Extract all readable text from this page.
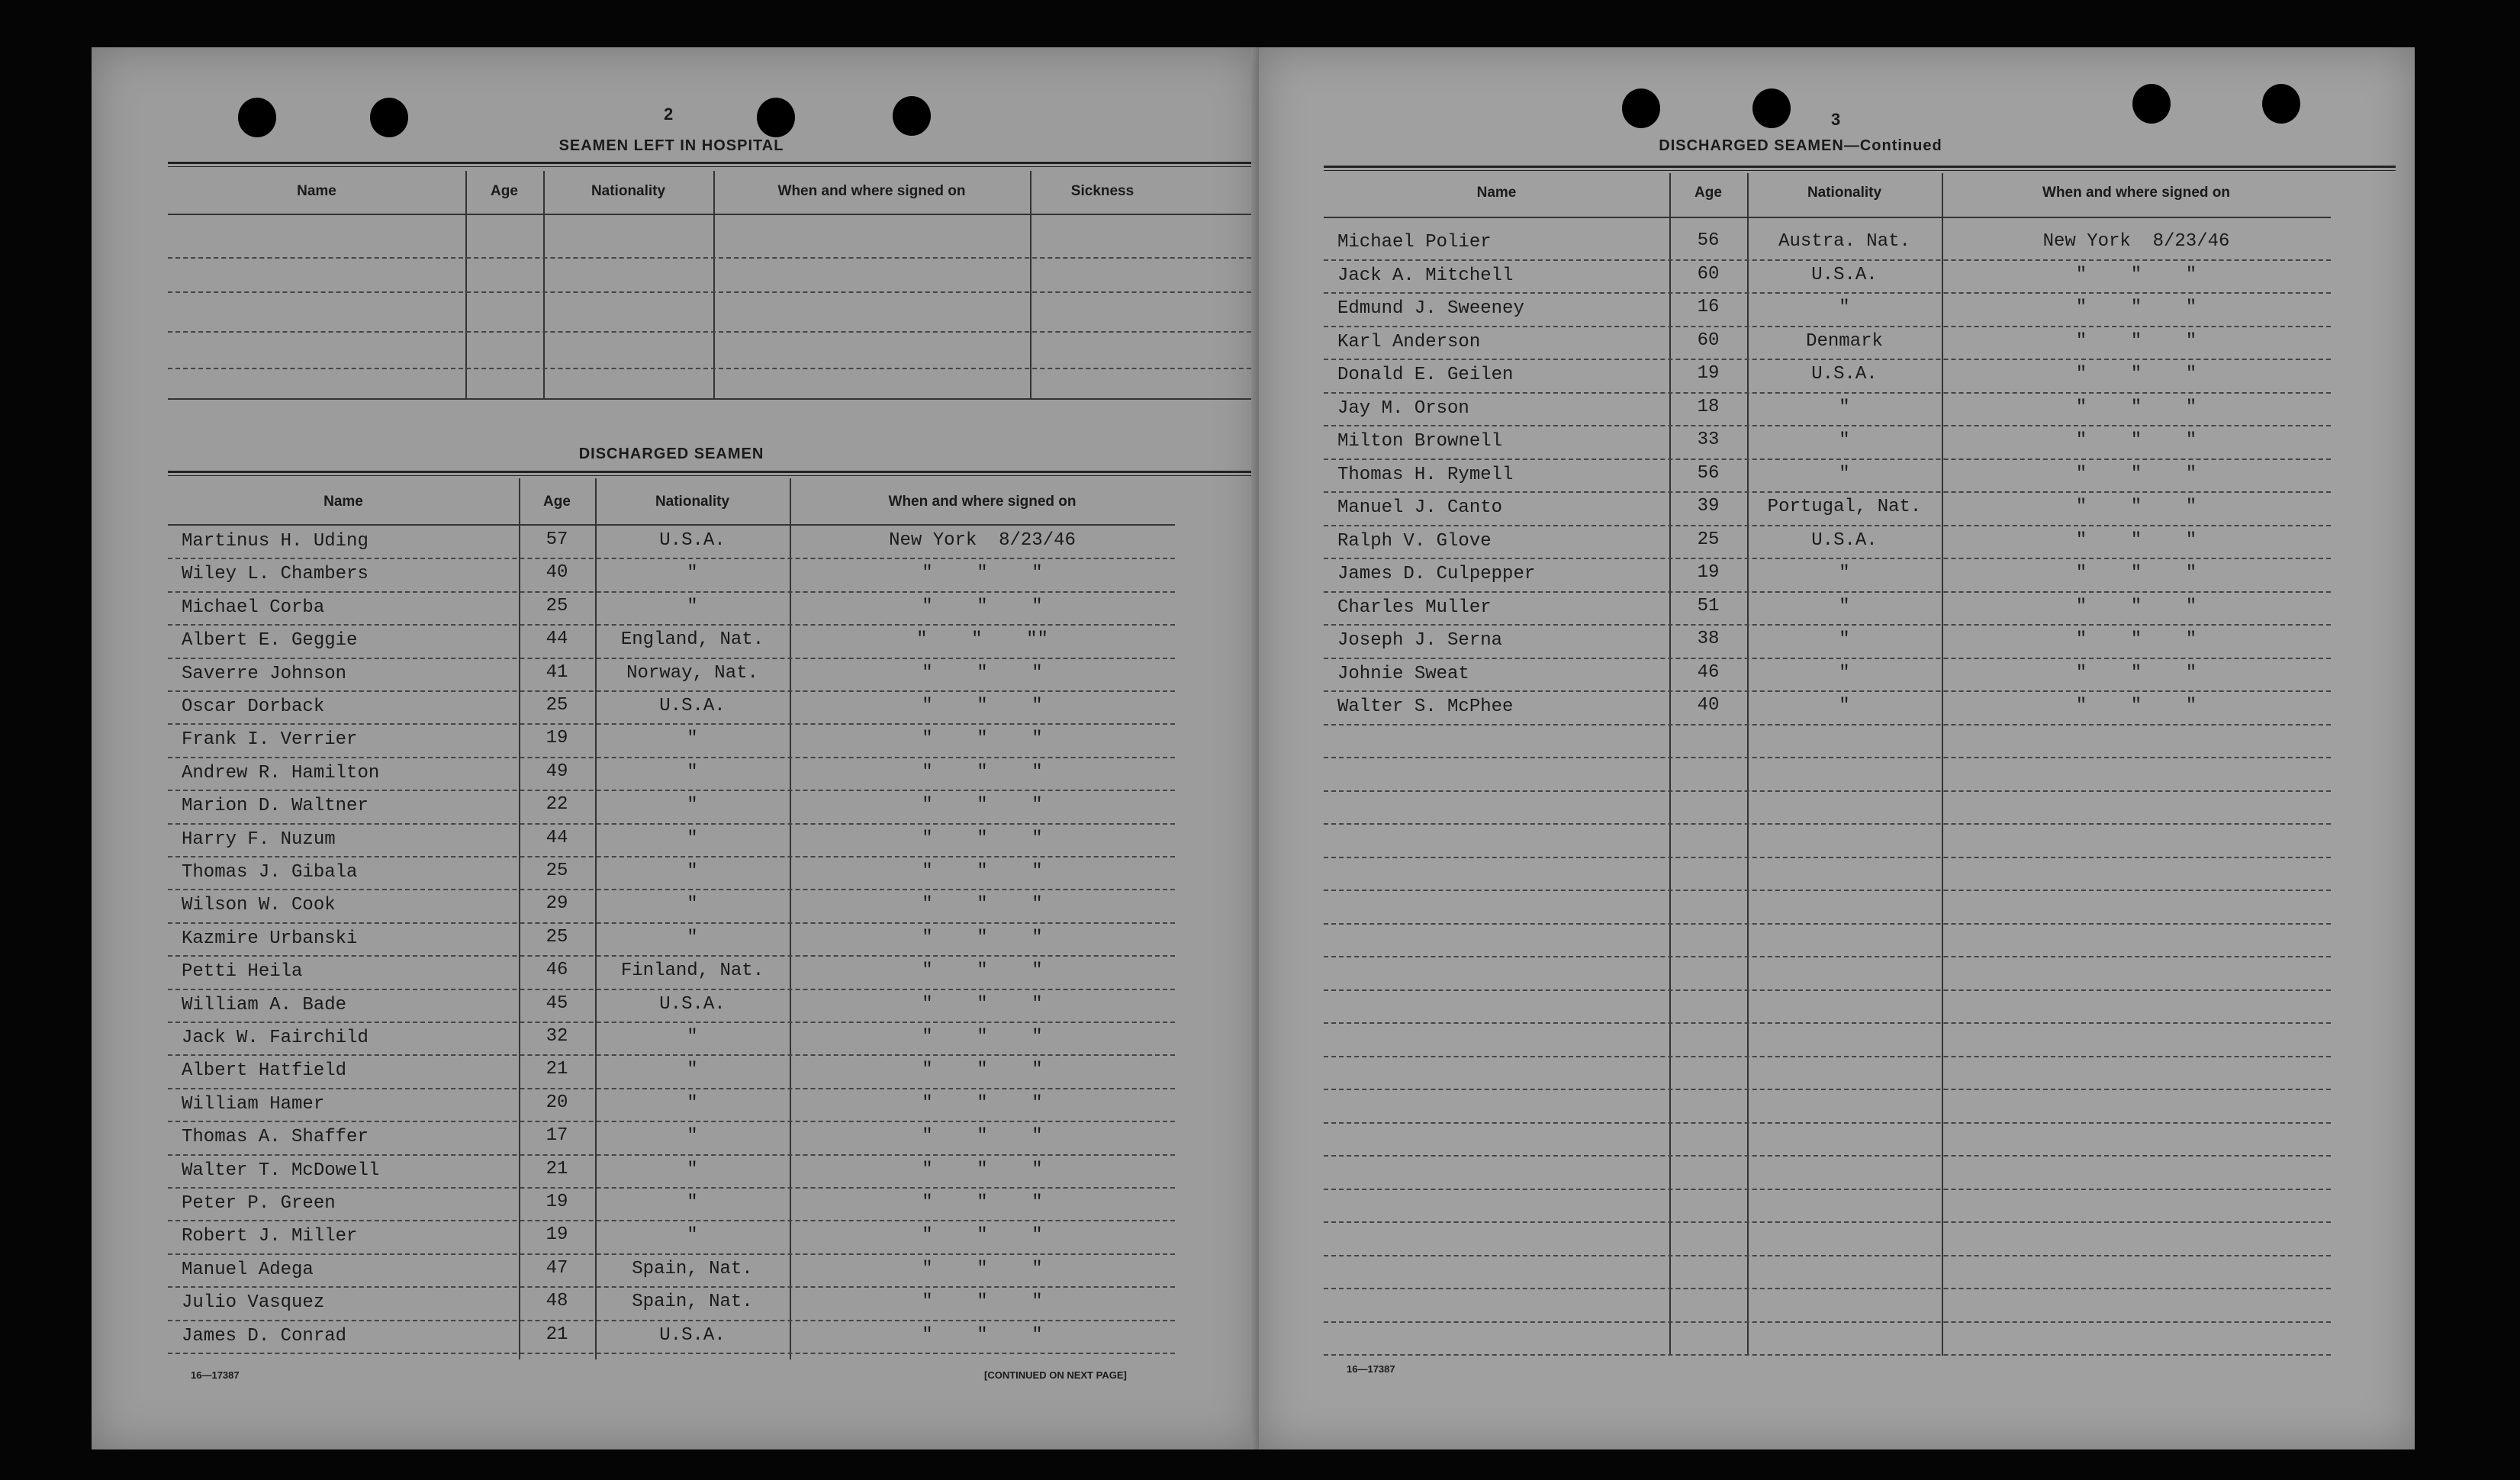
2
SEAMEN LEFT IN HOSPITAL
Name	Age	Nationality	When and where signed on	Sickness
DISCHARGED SEAMEN
Name	Age	Nationality	When and where signed on
Martinus H. Uding	57	U.S.A.	New York  8/23/46
Wiley L. Chambers	40	"	"    "    "
Michael Corba	25	"	"    "    "
Albert E. Geggie	44	England, Nat.	"    "    ""
Saverre Johnson	41	Norway, Nat.	"    "    "
Oscar Dorback	25	U.S.A.	"    "    "
Frank I. Verrier	19	"	"    "    "
Andrew R. Hamilton	49	"	"    "    "
Marion D. Waltner	22	"	"    "    "
Harry F. Nuzum	44	"	"    "    "
Thomas J. Gibala	25	"	"    "    "
Wilson W. Cook	29	"	"    "    "
Kazmire Urbanski	25	"	"    "    "
Petti Heila	46	Finland, Nat.	"    "    "
William A. Bade	45	U.S.A.	"    "    "
Jack W. Fairchild	32	"	"    "    "
Albert Hatfield	21	"	"    "    "
William Hamer	20	"	"    "    "
Thomas A. Shaffer	17	"	"    "    "
Walter T. McDowell	21	"	"    "    "
Peter P. Green	19	"	"    "    "
Robert J. Miller	19	"	"    "    "
Manuel Adega	47	Spain, Nat.	"    "    "
Julio Vasquez	48	Spain, Nat.	"    "    "
James D. Conrad	21	U.S.A.	"    "    "
16—17387	[CONTINUED ON NEXT PAGE]
3
DISCHARGED SEAMEN—Continued
Name	Age	Nationality	When and where signed on
Michael Polier	56	Austra. Nat.	New York  8/23/46
Jack A. Mitchell	60	U.S.A.	"    "    "
Edmund J. Sweeney	16	"	"    "    "
Karl Anderson	60	Denmark	"    "    "
Donald E. Geilen	19	U.S.A.	"    "    "
Jay M. Orson	18	"	"    "    "
Milton Brownell	33	"	"    "    "
Thomas H. Rymell	56	"	"    "    "
Manuel J. Canto	39	Portugal, Nat.	"    "    "
Ralph V. Glove	25	U.S.A.	"    "    "
James D. Culpepper	19	"	"    "    "
Charles Muller	51	"	"    "    "
Joseph J. Serna	38	"	"    "    "
Johnie Sweat	46	"	"    "    "
Walter S. McPhee	40	"	"    "    "
16—17387
